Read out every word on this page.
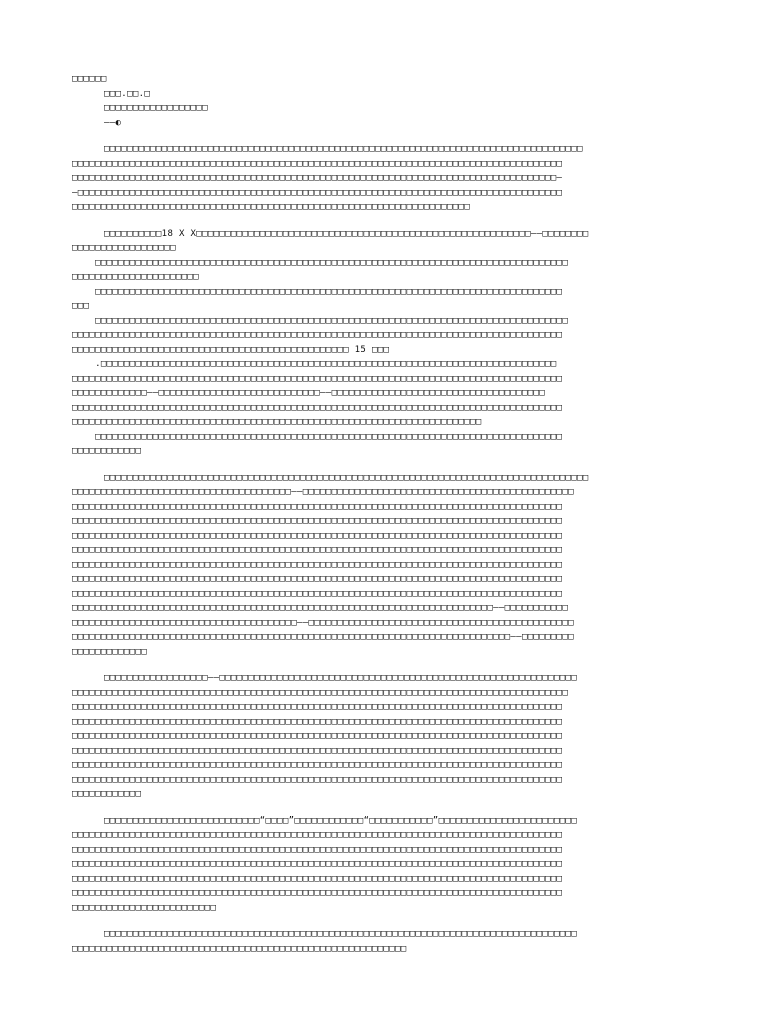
□□□□□□
□□□.□□.□
□□□□□□□□□□□□□□□□□□
——◐
□□□□□□□□□□□□□□□□□□□□□□□□□□□□□□□□□□□□□□□□□□□□□□□□□□□□□□□□□□□□□□□□□□□□□□□□□□□□□□□□□□□
□□□□□□□□□□□□□□□□□□□□□□□□□□□□□□□□□□□□□□□□□□□□□□□□□□□□□□□□□□□□□□□□□□□□□□□□□□□□□□□□□□□□□
□□□□□□□□□□□□□□□□□□□□□□□□□□□□□□□□□□□□□□□□□□□□□□□□□□□□□□□□□□□□□□□□□□□□□□□□□□□□□□□□□□□□—
—□□□□□□□□□□□□□□□□□□□□□□□□□□□□□□□□□□□□□□□□□□□□□□□□□□□□□□□□□□□□□□□□□□□□□□□□□□□□□□□□□□□□
□□□□□□□□□□□□□□□□□□□□□□□□□□□□□□□□□□□□□□□□□□□□□□□□□□□□□□□□□□□□□□□□□□□□□
□□□□□□□□□□18 X X□□□□□□□□□□□□□□□□□□□□□□□□□□□□□□□□□□□□□□□□□□□□□□□□□□□□□□□□□□——□□□□□□□□
□□□□□□□□□□□□□□□□□□
□□□□□□□□□□□□□□□□□□□□□□□□□□□□□□□□□□□□□□□□□□□□□□□□□□□□□□□□□□□□□□□□□□□□□□□□□□□□□□□□□□
□□□□□□□□□□□□□□□□□□□□□□
□□□□□□□□□□□□□□□□□□□□□□□□□□□□□□□□□□□□□□□□□□□□□□□□□□□□□□□□□□□□□□□□□□□□□□□□□□□□□□□□□
□□□
□□□□□□□□□□□□□□□□□□□□□□□□□□□□□□□□□□□□□□□□□□□□□□□□□□□□□□□□□□□□□□□□□□□□□□□□□□□□□□□□□□
□□□□□□□□□□□□□□□□□□□□□□□□□□□□□□□□□□□□□□□□□□□□□□□□□□□□□□□□□□□□□□□□□□□□□□□□□□□□□□□□□□□□□
□□□□□□□□□□□□□□□□□□□□□□□□□□□□□□□□□□□□□□□□□□□□□□□□ 15 □□□
.□□□□□□□□□□□□□□□□□□□□□□□□□□□□□□□□□□□□□□□□□□□□□□□□□□□□□□□□□□□□□□□□□□□□□□□□□□□□□□□
□□□□□□□□□□□□□□□□□□□□□□□□□□□□□□□□□□□□□□□□□□□□□□□□□□□□□□□□□□□□□□□□□□□□□□□□□□□□□□□□□□□□□
□□□□□□□□□□□□□——□□□□□□□□□□□□□□□□□□□□□□□□□□□□——□□□□□□□□□□□□□□□□□□□□□□□□□□□□□□□□□□□□□
□□□□□□□□□□□□□□□□□□□□□□□□□□□□□□□□□□□□□□□□□□□□□□□□□□□□□□□□□□□□□□□□□□□□□□□□□□□□□□□□□□□□□
□□□□□□□□□□□□□□□□□□□□□□□□□□□□□□□□□□□□□□□□□□□□□□□□□□□□□□□□□□□□□□□□□□□□□□□
□□□□□□□□□□□□□□□□□□□□□□□□□□□□□□□□□□□□□□□□□□□□□□□□□□□□□□□□□□□□□□□□□□□□□□□□□□□□□□□□□
□□□□□□□□□□□□
□□□□□□□□□□□□□□□□□□□□□□□□□□□□□□□□□□□□□□□□□□□□□□□□□□□□□□□□□□□□□□□□□□□□□□□□□□□□□□□□□□□□
□□□□□□□□□□□□□□□□□□□□□□□□□□□□□□□□□□□□□□——□□□□□□□□□□□□□□□□□□□□□□□□□□□□□□□□□□□□□□□□□□□□□□□
□□□□□□□□□□□□□□□□□□□□□□□□□□□□□□□□□□□□□□□□□□□□□□□□□□□□□□□□□□□□□□□□□□□□□□□□□□□□□□□□□□□□□
□□□□□□□□□□□□□□□□□□□□□□□□□□□□□□□□□□□□□□□□□□□□□□□□□□□□□□□□□□□□□□□□□□□□□□□□□□□□□□□□□□□□□
□□□□□□□□□□□□□□□□□□□□□□□□□□□□□□□□□□□□□□□□□□□□□□□□□□□□□□□□□□□□□□□□□□□□□□□□□□□□□□□□□□□□□
□□□□□□□□□□□□□□□□□□□□□□□□□□□□□□□□□□□□□□□□□□□□□□□□□□□□□□□□□□□□□□□□□□□□□□□□□□□□□□□□□□□□□
□□□□□□□□□□□□□□□□□□□□□□□□□□□□□□□□□□□□□□□□□□□□□□□□□□□□□□□□□□□□□□□□□□□□□□□□□□□□□□□□□□□□□
□□□□□□□□□□□□□□□□□□□□□□□□□□□□□□□□□□□□□□□□□□□□□□□□□□□□□□□□□□□□□□□□□□□□□□□□□□□□□□□□□□□□□
□□□□□□□□□□□□□□□□□□□□□□□□□□□□□□□□□□□□□□□□□□□□□□□□□□□□□□□□□□□□□□□□□□□□□□□□□□□□□□□□□□□□□
□□□□□□□□□□□□□□□□□□□□□□□□□□□□□□□□□□□□□□□□□□□□□□□□□□□□□□□□□□□□□□□□□□□□□□□□□——□□□□□□□□□□□
□□□□□□□□□□□□□□□□□□□□□□□□□□□□□□□□□□□□□□□——□□□□□□□□□□□□□□□□□□□□□□□□□□□□□□□□□□□□□□□□□□□□□□
□□□□□□□□□□□□□□□□□□□□□□□□□□□□□□□□□□□□□□□□□□□□□□□□□□□□□□□□□□□□□□□□□□□□□□□□□□□□——□□□□□□□□□
□□□□□□□□□□□□□
□□□□□□□□□□□□□□□□□□——□□□□□□□□□□□□□□□□□□□□□□□□□□□□□□□□□□□□□□□□□□□□□□□□□□□□□□□□□□□□□□
□□□□□□□□□□□□□□□□□□□□□□□□□□□□□□□□□□□□□□□□□□□□□□□□□□□□□□□□□□□□□□□□□□□□□□□□□□□□□□□□□□□□□□
□□□□□□□□□□□□□□□□□□□□□□□□□□□□□□□□□□□□□□□□□□□□□□□□□□□□□□□□□□□□□□□□□□□□□□□□□□□□□□□□□□□□□
□□□□□□□□□□□□□□□□□□□□□□□□□□□□□□□□□□□□□□□□□□□□□□□□□□□□□□□□□□□□□□□□□□□□□□□□□□□□□□□□□□□□□
□□□□□□□□□□□□□□□□□□□□□□□□□□□□□□□□□□□□□□□□□□□□□□□□□□□□□□□□□□□□□□□□□□□□□□□□□□□□□□□□□□□□□
□□□□□□□□□□□□□□□□□□□□□□□□□□□□□□□□□□□□□□□□□□□□□□□□□□□□□□□□□□□□□□□□□□□□□□□□□□□□□□□□□□□□□
□□□□□□□□□□□□□□□□□□□□□□□□□□□□□□□□□□□□□□□□□□□□□□□□□□□□□□□□□□□□□□□□□□□□□□□□□□□□□□□□□□□□□
□□□□□□□□□□□□□□□□□□□□□□□□□□□□□□□□□□□□□□□□□□□□□□□□□□□□□□□□□□□□□□□□□□□□□□□□□□□□□□□□□□□□□
□□□□□□□□□□□□
□□□□□□□□□□□□□□□□□□□□□□□□□□□“□□□□”□□□□□□□□□□□□“□□□□□□□□□□□”□□□□□□□□□□□□□□□□□□□□□□□□
□□□□□□□□□□□□□□□□□□□□□□□□□□□□□□□□□□□□□□□□□□□□□□□□□□□□□□□□□□□□□□□□□□□□□□□□□□□□□□□□□□□□□
□□□□□□□□□□□□□□□□□□□□□□□□□□□□□□□□□□□□□□□□□□□□□□□□□□□□□□□□□□□□□□□□□□□□□□□□□□□□□□□□□□□□□
□□□□□□□□□□□□□□□□□□□□□□□□□□□□□□□□□□□□□□□□□□□□□□□□□□□□□□□□□□□□□□□□□□□□□□□□□□□□□□□□□□□□□
□□□□□□□□□□□□□□□□□□□□□□□□□□□□□□□□□□□□□□□□□□□□□□□□□□□□□□□□□□□□□□□□□□□□□□□□□□□□□□□□□□□□□
□□□□□□□□□□□□□□□□□□□□□□□□□□□□□□□□□□□□□□□□□□□□□□□□□□□□□□□□□□□□□□□□□□□□□□□□□□□□□□□□□□□□□
□□□□□□□□□□□□□□□□□□□□□□□□□
□□□□□□□□□□□□□□□□□□□□□□□□□□□□□□□□□□□□□□□□□□□□□□□□□□□□□□□□□□□□□□□□□□□□□□□□□□□□□□□□□□
□□□□□□□□□□□□□□□□□□□□□□□□□□□□□□□□□□□□□□□□□□□□□□□□□□□□□□□□□□
